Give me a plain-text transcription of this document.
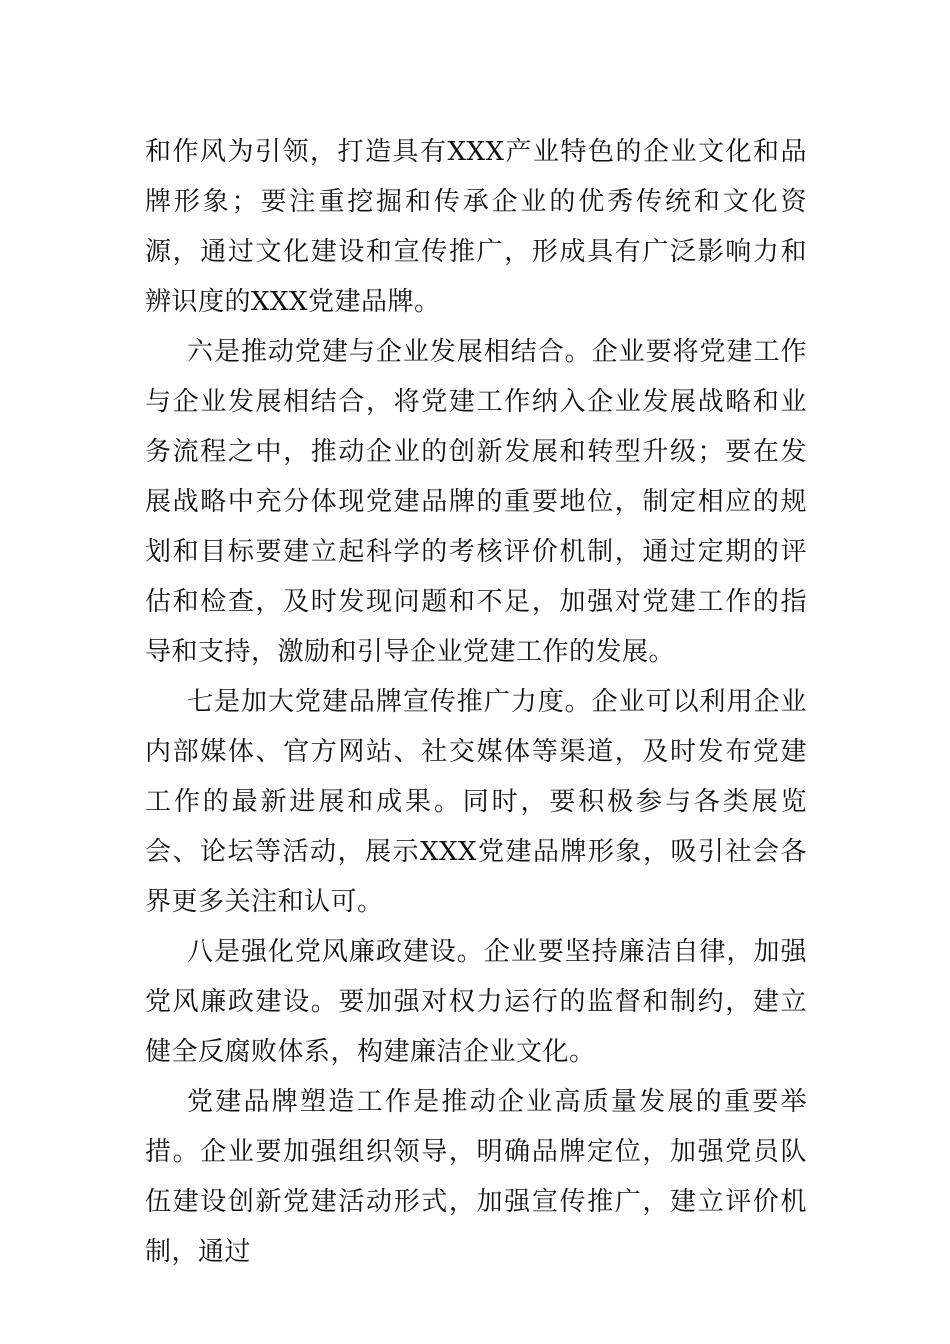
和作风为引领，打造具有XXX产业特色的企业文化和品牌形象；要注重挖掘和传承企业的优秀传统和文化资源，通过文化建设和宣传推广，形成具有广泛影响力和辨识度的XXX党建品牌。

六是推动党建与企业发展相结合。企业要将党建工作与企业发展相结合，将党建工作纳入企业发展战略和业务流程之中，推动企业的创新发展和转型升级；要在发展战略中充分体现党建品牌的重要地位，制定相应的规划和目标要建立起科学的考核评价机制，通过定期的评估和检查，及时发现问题和不足，加强对党建工作的指导和支持，激励和引导企业党建工作的发展。

七是加大党建品牌宣传推广力度。企业可以利用企业内部媒体、官方网站、社交媒体等渠道，及时发布党建工作的最新进展和成果。同时，要积极参与各类展览会、论坛等活动，展示XXX党建品牌形象，吸引社会各界更多关注和认可。

八是强化党风廉政建设。企业要坚持廉洁自律，加强党风廉政建设。要加强对权力运行的监督和制约，建立健全反腐败体系，构建廉洁企业文化。

党建品牌塑造工作是推动企业高质量发展的重要举措。企业要加强组织领导，明确品牌定位，加强党员队伍建设创新党建活动形式，加强宣传推广，建立评价机制，通过
